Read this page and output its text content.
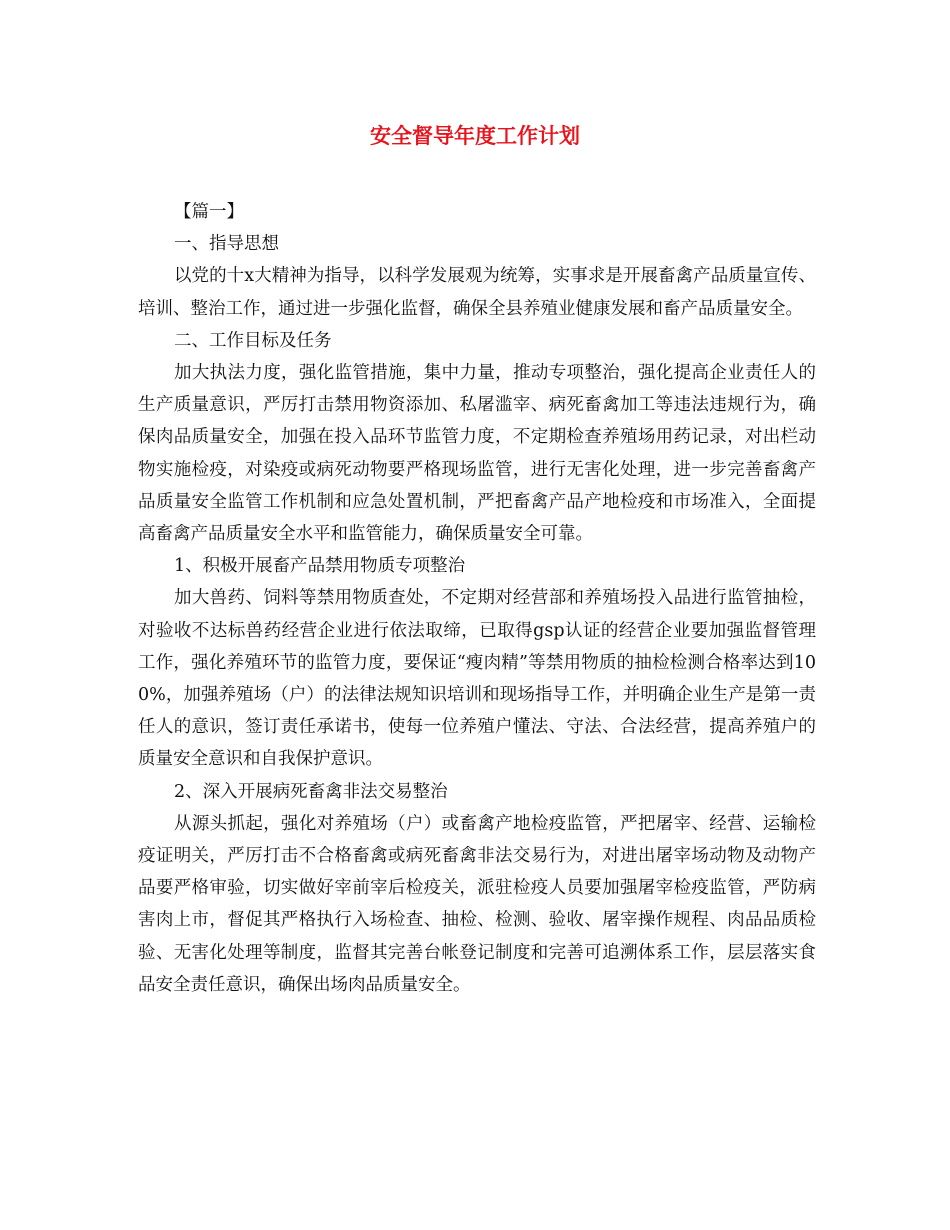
安全督导年度工作计划

【篇一】

一、指导思想

以党的十x大精神为指导，以科学发展观为统筹，实事求是开展畜禽产品质量宣传、培训、整治工作，通过进一步强化监督，确保全县养殖业健康发展和畜产品质量安全。

二、工作目标及任务

加大执法力度，强化监管措施，集中力量，推动专项整治，强化提高企业责任人的生产质量意识，严厉打击禁用物资添加、私屠滥宰、病死畜禽加工等违法违规行为，确保肉品质量安全，加强在投入品环节监管力度，不定期检查养殖场用药记录，对出栏动物实施检疫，对染疫或病死动物要严格现场监管，进行无害化处理，进一步完善畜禽产品质量安全监管工作机制和应急处置机制，严把畜禽产品产地检疫和市场准入，全面提高畜禽产品质量安全水平和监管能力，确保质量安全可靠。

1、积极开展畜产品禁用物质专项整治

加大兽药、饲料等禁用物质查处，不定期对经营部和养殖场投入品进行监管抽检，对验收不达标兽药经营企业进行依法取缔，已取得gsp认证的经营企业要加强监督管理工作，强化养殖环节的监管力度，要保证“瘦肉精”等禁用物质的抽检检测合格率达到100%，加强养殖场（户）的法律法规知识培训和现场指导工作，并明确企业生产是第一责任人的意识，签订责任承诺书，使每一位养殖户懂法、守法、合法经营，提高养殖户的质量安全意识和自我保护意识。

2、深入开展病死畜禽非法交易整治

从源头抓起，强化对养殖场（户）或畜禽产地检疫监管，严把屠宰、经营、运输检疫证明关，严厉打击不合格畜禽或病死畜禽非法交易行为，对进出屠宰场动物及动物产品要严格审验，切实做好宰前宰后检疫关，派驻检疫人员要加强屠宰检疫监管，严防病害肉上市，督促其严格执行入场检查、抽检、检测、验收、屠宰操作规程、肉品品质检验、无害化处理等制度，监督其完善台帐登记制度和完善可追溯体系工作，层层落实食品安全责任意识，确保出场肉品质量安全。
